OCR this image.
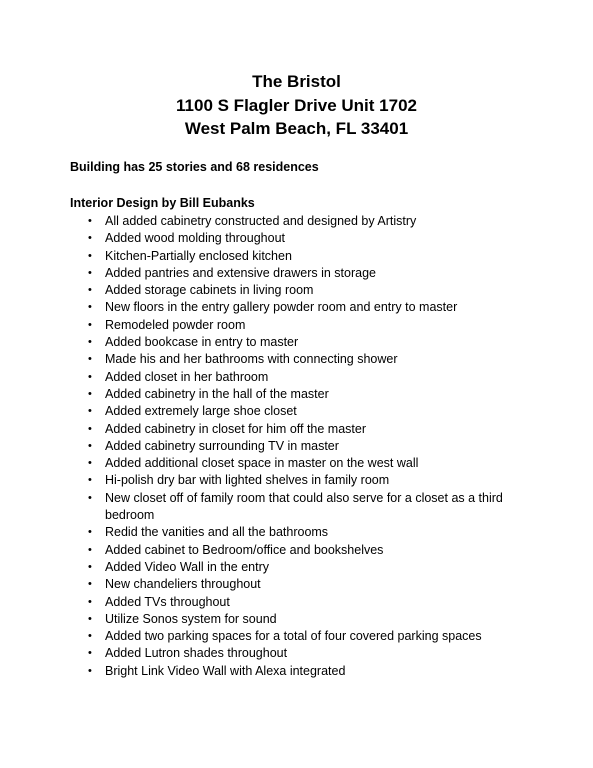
The Bristol
1100 S Flagler Drive Unit 1702
West Palm Beach, FL 33401
Building has 25 stories and 68 residences
Interior Design by Bill Eubanks
•	All added cabinetry constructed and designed by Artistry
•	Added wood molding throughout
•	Kitchen-Partially enclosed kitchen
•	Added pantries and extensive drawers in storage
•	Added storage cabinets in living room
•	New floors in the entry gallery powder room and entry to master
•	Remodeled powder room
•	Added bookcase in entry to master
•	Made his and her bathrooms with connecting shower
•	Added closet in her bathroom
•	Added cabinetry in the hall of the master
•	Added extremely large shoe closet
•	Added cabinetry in closet for him off the master
•	Added cabinetry surrounding TV in master
•	Added additional closet space in master on the west wall
•	Hi-polish dry bar with lighted shelves in family room
•	New closet off of family room that could also serve for a closet as a third bedroom
•	Redid the vanities and all the bathrooms
•	Added cabinet to Bedroom/office and bookshelves
•	Added Video Wall in the entry
•	New chandeliers throughout
•	Added TVs throughout
•	Utilize Sonos system for sound
•	Added two parking spaces for a total of four covered parking spaces
•	Added Lutron shades throughout
•	Bright Link Video Wall with Alexa integrated
